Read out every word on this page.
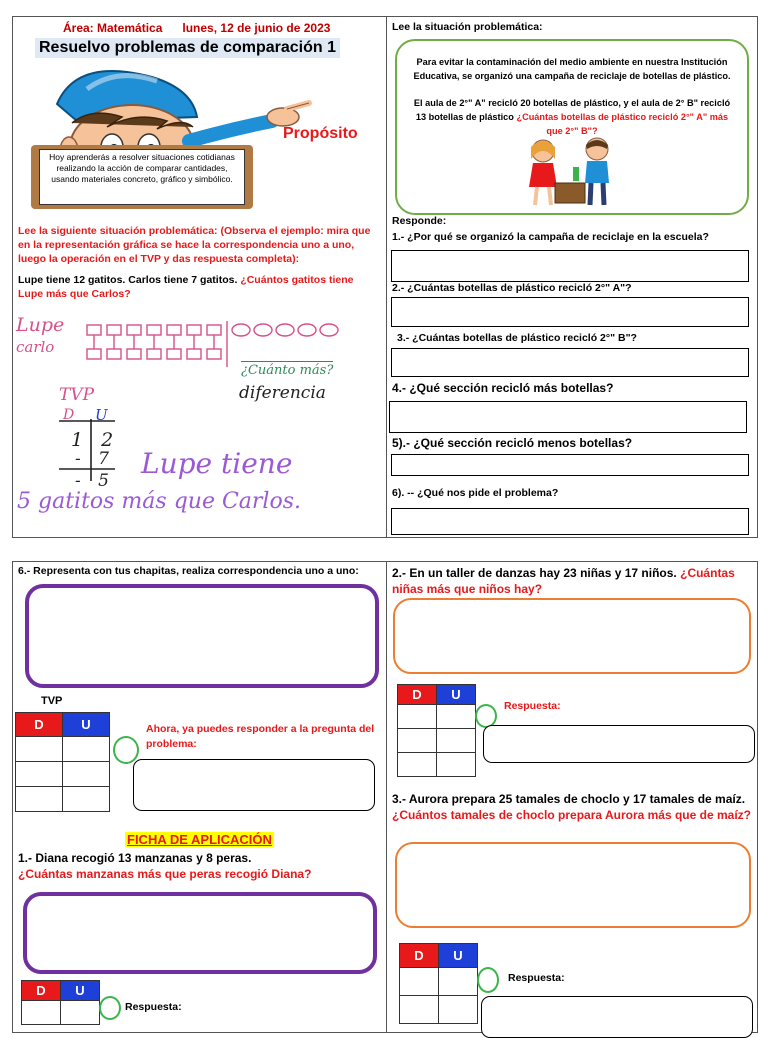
Área: Matemática      lunes, 12 de junio de 2023
Resuelvo problemas de comparación 1
Propósito
Hoy aprenderás a resolver situaciones cotidianas realizando la acción de comparar cantidades, usando materiales concreto, gráfico y simbólico.
Lee la siguiente situación problemática: (Observa el ejemplo: mira que en la representación gráfica se hace la correspondencia uno a uno, luego la operación en el TVP y das respuesta completa):
Lupe tiene 12 gatitos. Carlos tiene 7 gatitos. ¿Cuántos gatitos tiene Lupe más que Carlos?
Lupe
carlo
¿Cuánto más?
diferencia
TVP
D U
1 2
- 7
- 5
Lupe tiene
5 gatitos más que Carlos.
Lee la situación problemática:
Para evitar la contaminación del medio ambiente en nuestra Institución Educativa, se organizó una campaña de reciclaje de botellas de plástico.
El aula de 2°" A" recicló 20 botellas de plástico, y el aula de 2° B" recicló 13 botellas de plástico ¿Cuántas botellas de plástico recicló 2°" A" más que 2°" B"?
Responde:
1.- ¿Por qué se organizó la campaña de reciclaje en la escuela?
2.- ¿Cuántas botellas de plástico recicló 2°" A"?
3.- ¿Cuántas botellas de plástico recicló 2°" B"?
4.- ¿Qué sección recicló más botellas?
5).- ¿Qué sección recicló menos botellas?
6). -- ¿Qué nos pide el problema?
6.- Representa con tus chapitas, realiza correspondencia uno a uno:
TVP
D	U

		Ahora, ya puedes responder a la pregunta del problema:
FICHA DE APLICACIÓN
1.- Diana recogió 13 manzanas y 8 peras.
¿Cuántas manzanas más que peras recogió Diana?
D	U

Respuesta:
2.- En un taller de danzas hay 23 niñas y 17 niños. ¿Cuántas niñas más que niños hay?
D	U

Respuesta:
3.- Aurora prepara 25 tamales de choclo y 17 tamales de maíz. ¿Cuántos tamales de choclo prepara Aurora más que de maíz?
D	U

Respuesta:
